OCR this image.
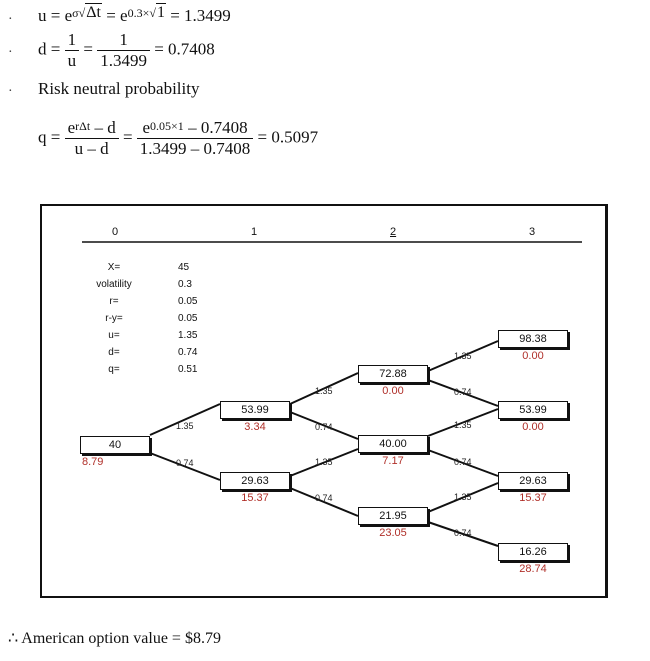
· $u = e^{\sigma√\Delta t} = e^{0.3\times√1} = 1.3499$
· $d = \frac{1}{u} = \frac{1}{1.3499} = 0.7408$
· Risk neutral probability
$q = \frac{e^{r\Delta t} - d}{u - d} = \frac{e^{0.05\times 1} - 0.7408}{1.3499 - 0.7408} = 0.5097$
0	1	2	3
X=	45
volatility	0.3
r=	0.05
r-y=	0.05
u=	1.35
d=	0.74
q=	0.51
40
8.79
53.99
3.34
29.63
15.37
72.88
0.00
40.00
7.17
21.95
23.05
98.38
0.00
53.99
0.00
29.63
15.37
16.26
28.74
1.35
0.74
1.35
0.74
1.35
0.74
1.35
0.74
1.35
0.74
1.35
0.74
∴ American option value = $8.79
